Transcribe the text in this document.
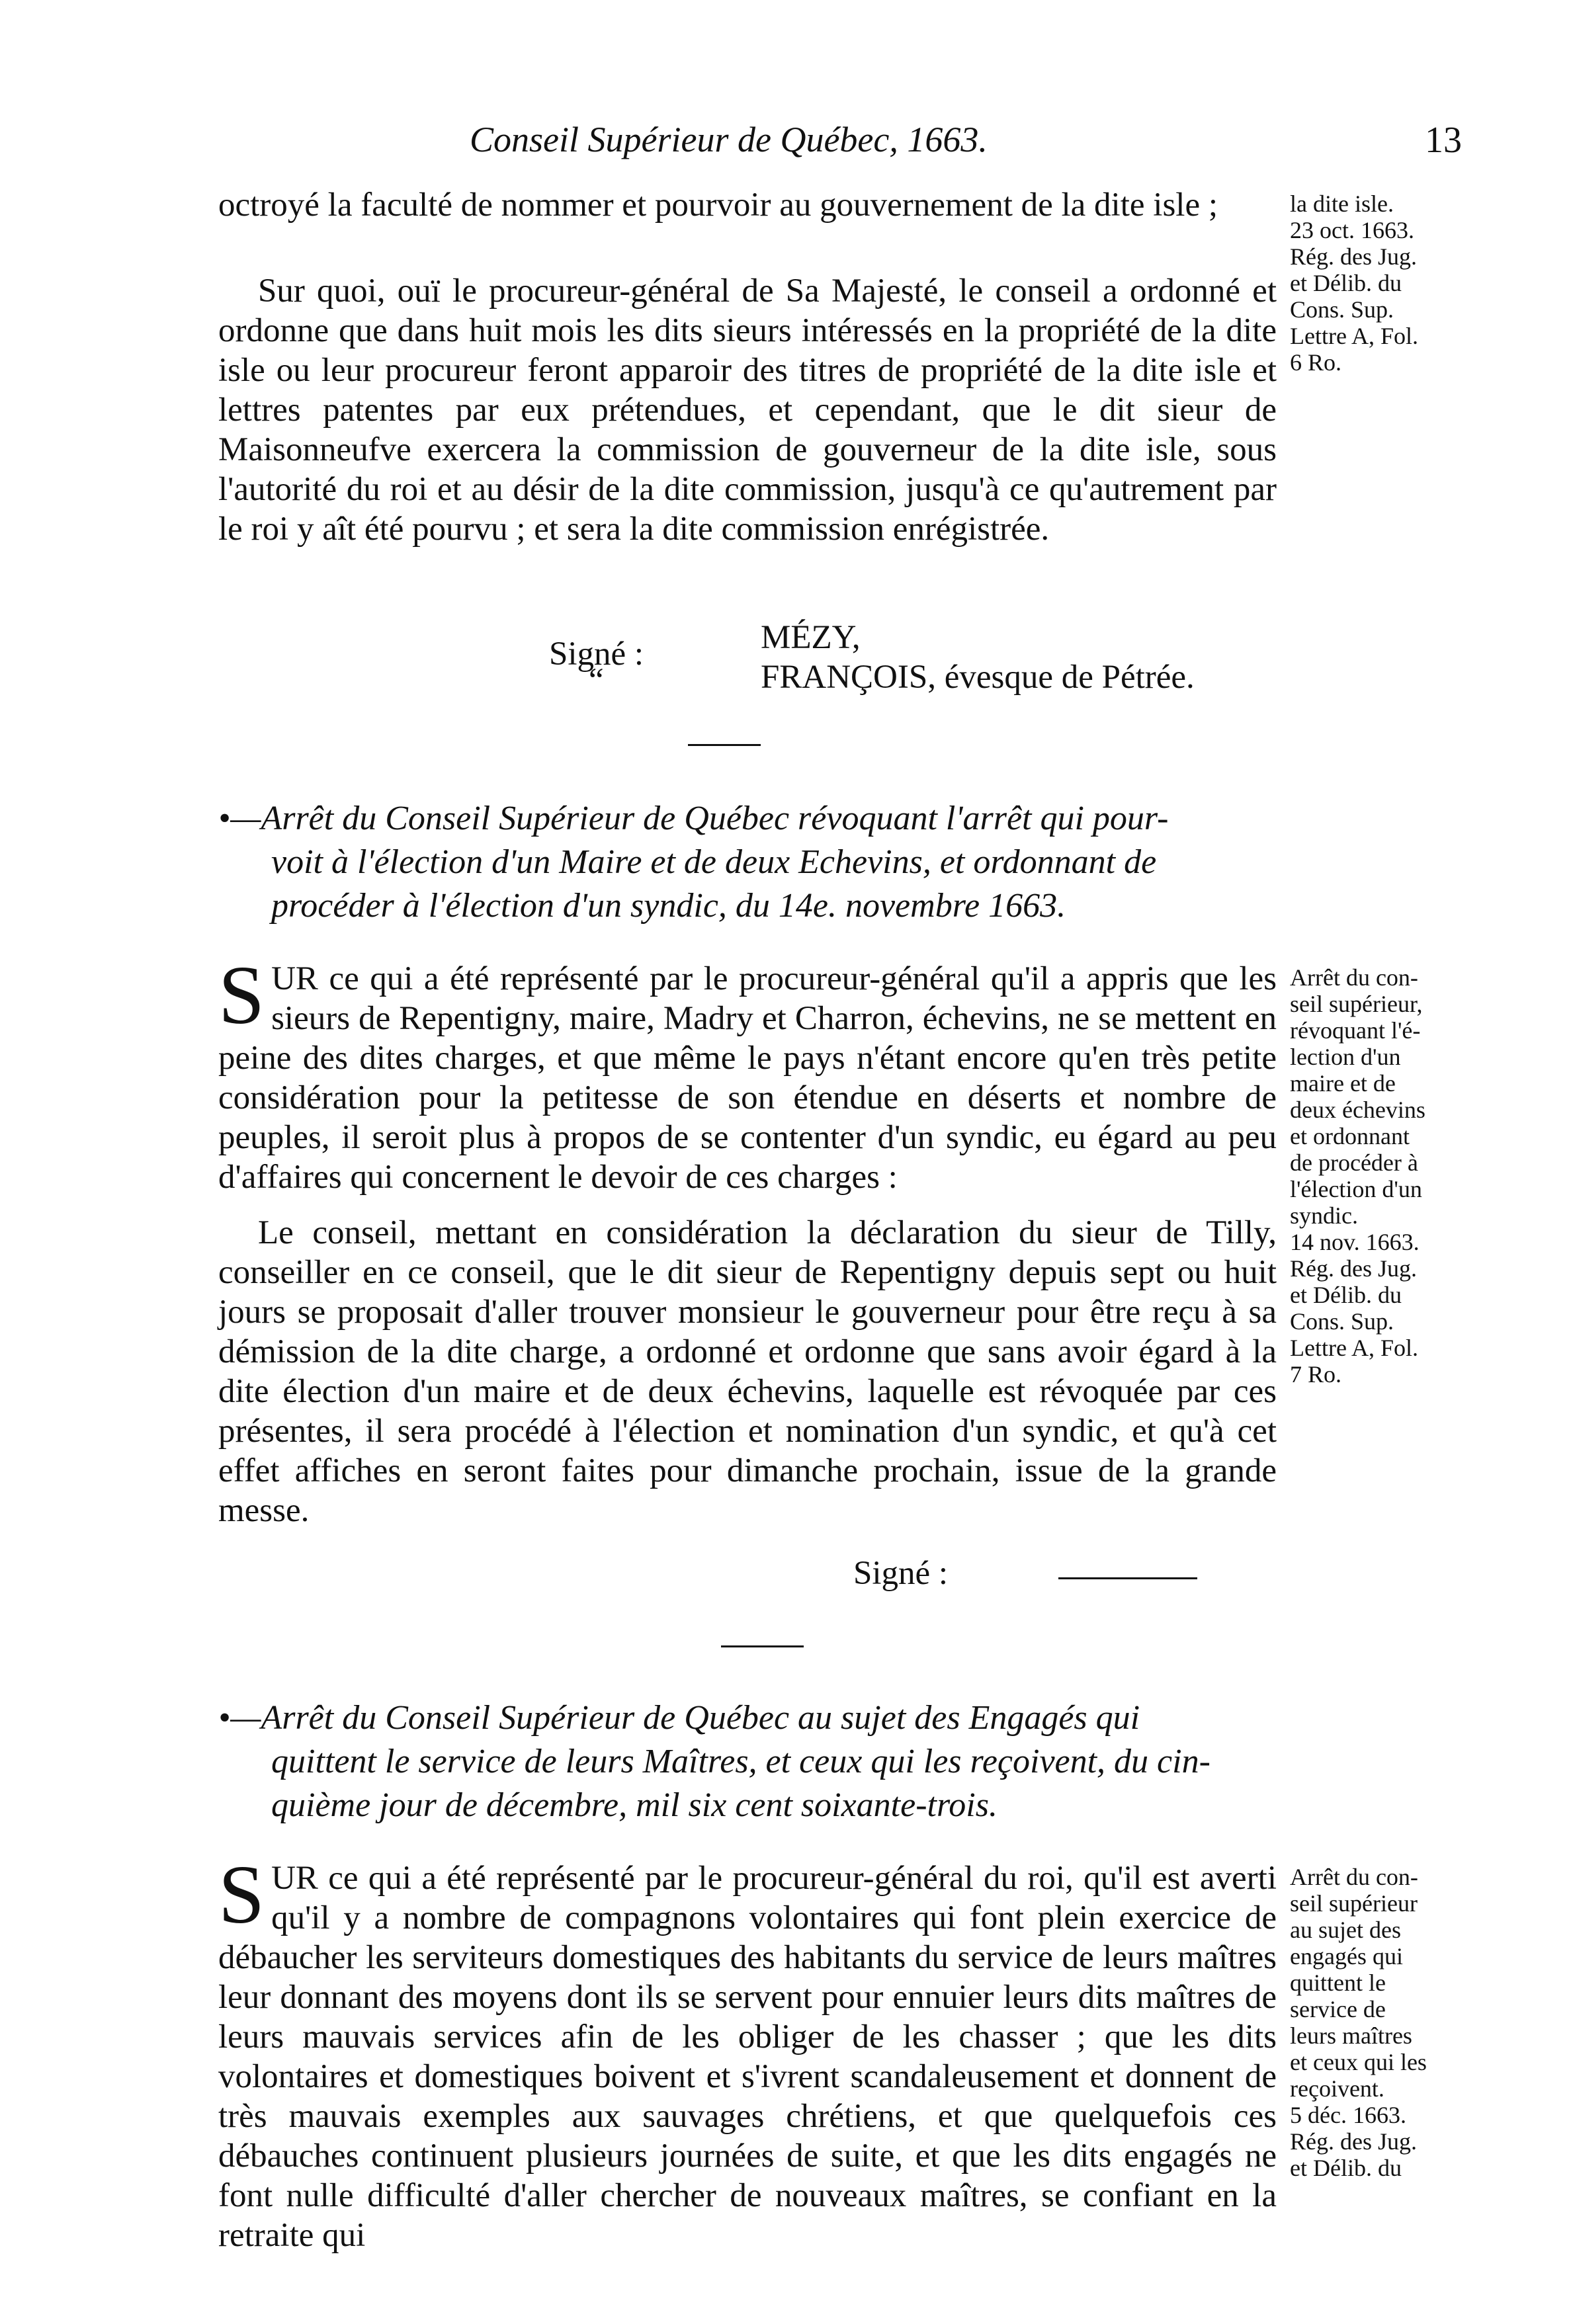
Conseil Supérieur de Québec, 1663.	13

octroyé la faculté de nommer et pourvoir au gouvernement de la dite isle ;

Sur quoi, ouï le procureur-général de Sa Majesté, le conseil a ordonné et ordonne que dans huit mois les dits sieurs intéressés en la propriété de la dite isle ou leur procureur feront apparoir des titres de propriété de la dite isle et lettres patentes par eux prétendues, et cependant, que le dit sieur de Maisonneufve exercera la commission de gouverneur de la dite isle, sous l'autorité du roi et au désir de la dite commission, jusqu'à ce qu'autrement par le roi y aît été pourvu ; et sera la dite commission enrégistrée.

la dite isle.
23 oct. 1663.
Rég. des Jug.
et Délib. du
Cons. Sup.
Lettre A, Fol.
6 Ro.
Signé :
“
MÉZY,
FRANÇOIS, évesque de Pétrée.
•—Arrêt du Conseil Supérieur de Québec révoquant l'arrêt qui pour-
voit à l'élection d'un Maire et de deux Echevins, et ordonnant de
procéder à l'élection d'un syndic, du 14e. novembre 1663.

SUR ce qui a été représenté par le procureur-général qu'il a appris que les sieurs de Repentigny, maire, Madry et Charron, échevins, ne se mettent en peine des dites charges, et que même le pays n'étant encore qu'en très petite considération pour la petitesse de son étendue en déserts et nombre de peuples, il seroit plus à propos de se contenter d'un syndic, eu égard au peu d'affaires qui concernent le devoir de ces charges :

Le conseil, mettant en considération la déclaration du sieur de Tilly, conseiller en ce conseil, que le dit sieur de Repentigny depuis sept ou huit jours se proposait d'aller trouver monsieur le gouverneur pour être reçu à sa démission de la dite charge, a ordonné et ordonne que sans avoir égard à la dite élection d'un maire et de deux échevins, laquelle est révoquée par ces présentes, il sera procédé à l'élection et nomination d'un syndic, et qu'à cet effet affiches en seront faites pour dimanche prochain, issue de la grande messe.

Arrêt du con-
seil supérieur,
révoquant l'é-
lection d'un
maire et de
deux échevins
et ordonnant
de procéder à
l'élection d'un
syndic.
14 nov. 1663.
Rég. des Jug.
et Délib. du
Cons. Sup.
Lettre A, Fol.
7 Ro.
Signé :
•—Arrêt du Conseil Supérieur de Québec au sujet des Engagés qui
quittent le service de leurs Maîtres, et ceux qui les reçoivent, du cin-
quième jour de décembre, mil six cent soixante-trois.

SUR ce qui a été représenté par le procureur-général du roi, qu'il est averti qu'il y a nombre de compagnons volontaires qui font plein exercice de débaucher les serviteurs domestiques des habitants du service de leurs maîtres leur donnant des moyens dont ils se servent pour ennuier leurs dits maîtres de leurs mauvais services afin de les obliger de les chasser ; que les dits volontaires et domestiques boivent et s'ivrent scandaleusement et donnent de très mauvais exemples aux sauvages chrétiens, et que quelquefois ces débauches continuent plusieurs journées de suite, et que les dits engagés ne font nulle difficulté d'aller chercher de nouveaux maîtres, se confiant en la retraite qui

Arrêt du con-
seil supérieur
au sujet des
engagés qui
quittent le
service de
leurs maîtres
et ceux qui les
reçoivent.
5 déc. 1663.
Rég. des Jug.
et Délib. du
